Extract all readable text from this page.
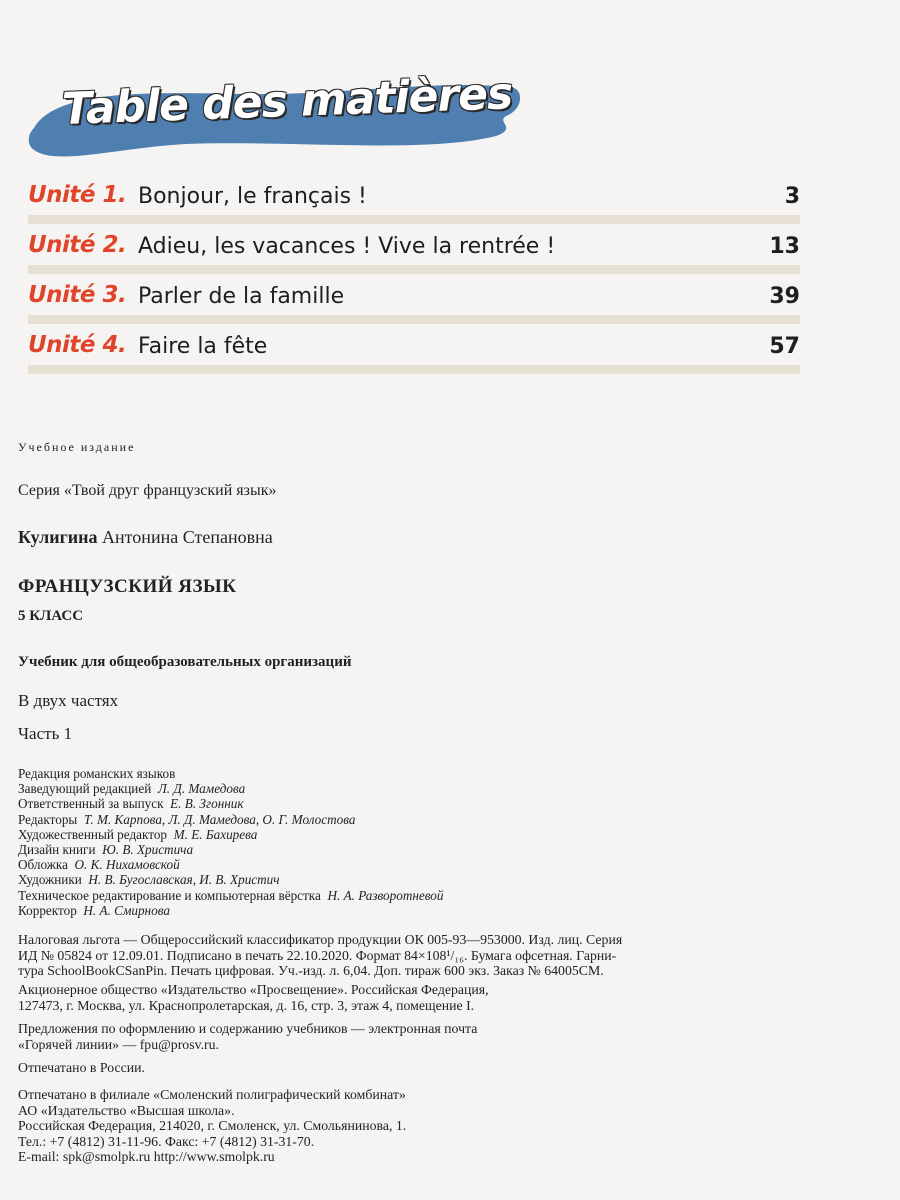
Table des matières
Unité 1. Bonjour, le français !	3
Unité 2. Adieu, les vacances ! Vive la rentrée !	13
Unité 3. Parler de la famille	39
Unité 4. Faire la fête	57
Учебное издание
Серия «Твой друг французский язык»
Кулигина Антонина Степановна
ФРАНЦУЗСКИЙ ЯЗЫК
5 КЛАСС
Учебник для общеобразовательных организаций
В двух частях
Часть 1
Редакция романских языков
Заведующий редакцией Л. Д. Мамедова
Ответственный за выпуск Е. В. Згонник
Редакторы Т. М. Карпова, Л. Д. Мамедова, О. Г. Молостова
Художественный редактор М. Е. Бахирева
Дизайн книги Ю. В. Христича
Обложка О. К. Нихамовской
Художники Н. В. Бугославская, И. В. Христич
Техническое редактирование и компьютерная вёрстка Н. А. Разворотневой
Корректор Н. А. Смирнова
Налоговая льгота — Общероссийский классификатор продукции ОК 005-93—953000. Изд. лиц. Серия
ИД № 05824 от 12.09.01. Подписано в печать 22.10.2020. Формат 84×108¹/₁₆. Бумага офсетная. Гарни-
тура SchoolBookCSanPin. Печать цифровая. Уч.-изд. л. 6,04. Доп. тираж 600 экз. Заказ № 64005СМ.
Акционерное общество «Издательство «Просвещение». Российская Федерация,
127473, г. Москва, ул. Краснопролетарская, д. 16, стр. 3, этаж 4, помещение I.
Предложения по оформлению и содержанию учебников — электронная почта
«Горячей линии» — fpu@prosv.ru.
Отпечатано в России.
Отпечатано в филиале «Смоленский полиграфический комбинат»
АО «Издательство «Высшая школа».
Российская Федерация, 214020, г. Смоленск, ул. Смольянинова, 1.
Тел.: +7 (4812) 31-11-96. Факс: +7 (4812) 31-31-70.
E-mail: spk@smolpk.ru http://www.smolpk.ru
